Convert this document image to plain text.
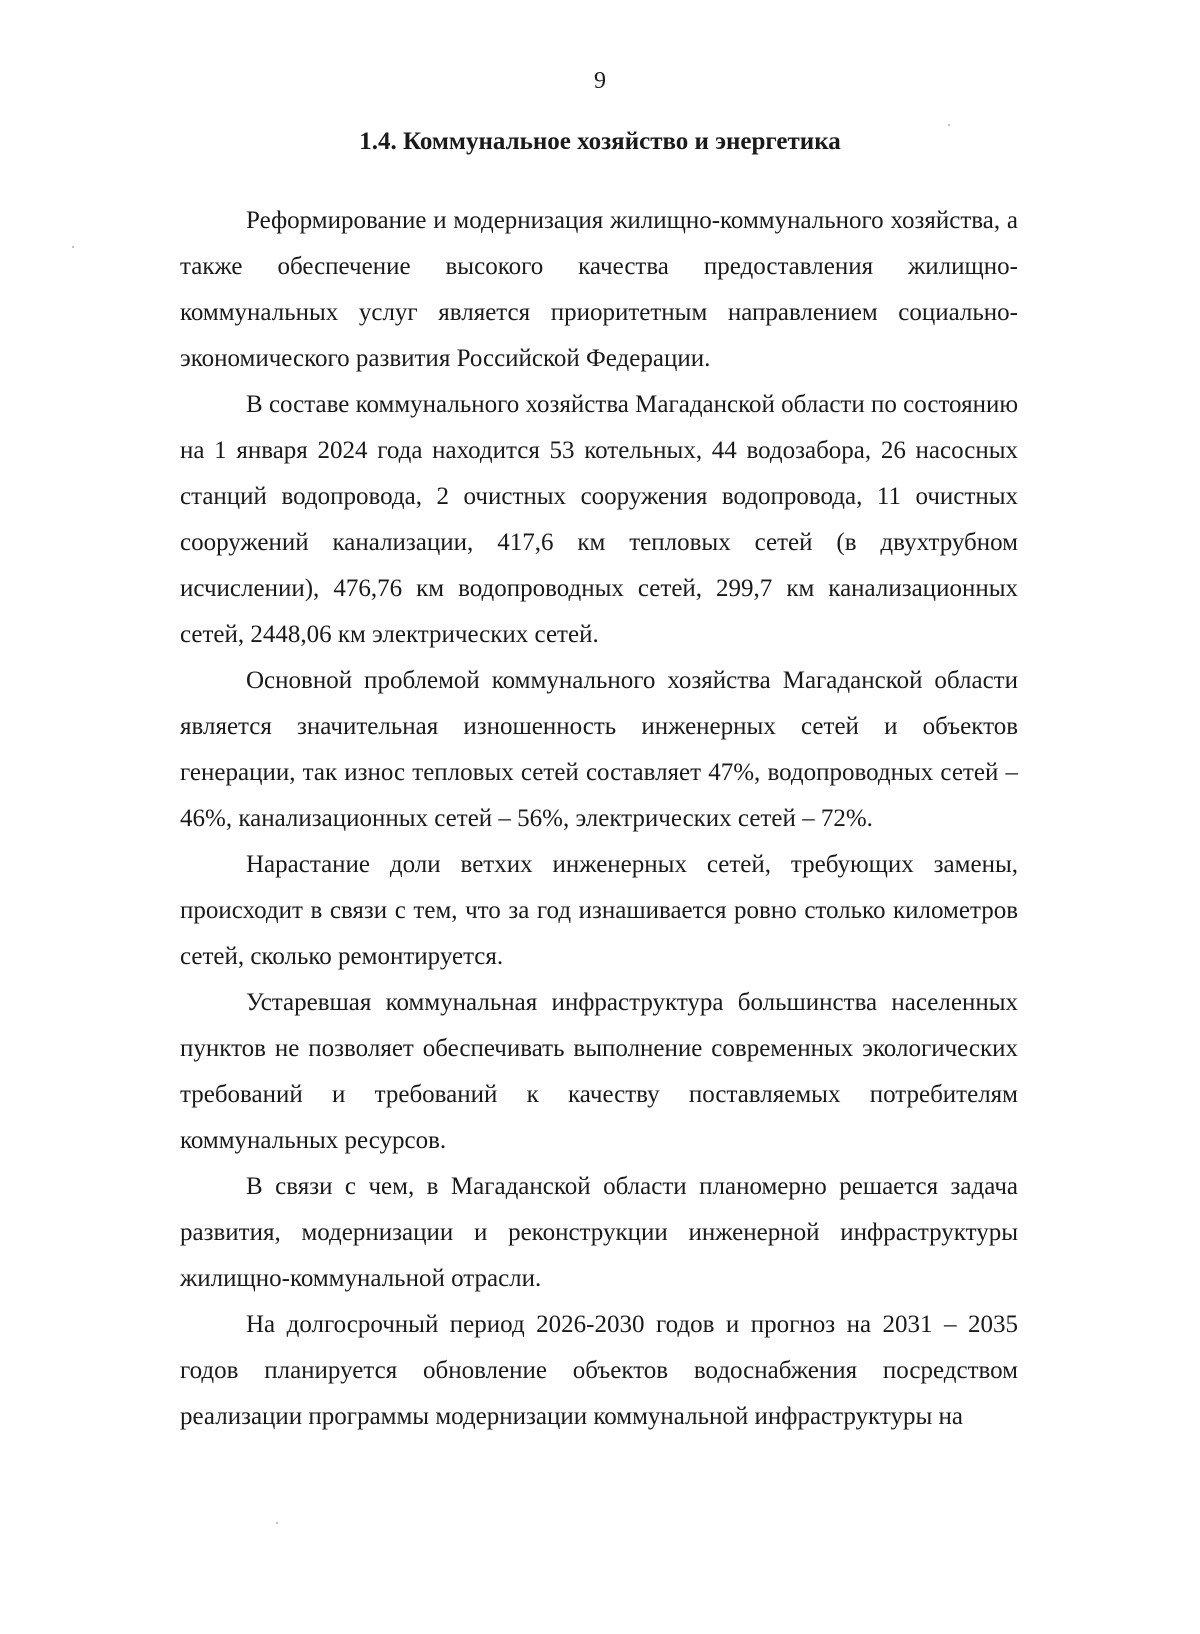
9
1.4. Коммунальное хозяйство и энергетика

Реформирование и модернизация жилищно-коммунального хозяйства, а также обеспечение высокого качества предоставления жилищно-коммунальных услуг является приоритетным направлением социально-экономического развития Российской Федерации.

В составе коммунального хозяйства Магаданской области по состоянию на 1 января 2024 года находится 53 котельных, 44 водозабора, 26 насосных станций водопровода, 2 очистных сооружения водопровода, 11 очистных сооружений канализации, 417,6 км тепловых сетей (в двухтрубном исчислении), 476,76 км водопроводных сетей, 299,7 км канализационных сетей, 2448,06 км электрических сетей.

Основной проблемой коммунального хозяйства Магаданской области является значительная изношенность инженерных сетей и объектов генерации, так износ тепловых сетей составляет 47%, водопроводных сетей – 46%, канализационных сетей – 56%, электрических сетей – 72%.

Нарастание доли ветхих инженерных сетей, требующих замены, происходит в связи с тем, что за год изнашивается ровно столько километров сетей, сколько ремонтируется.

Устаревшая коммунальная инфраструктура большинства населенных пунктов не позволяет обеспечивать выполнение современных экологических требований и требований к качеству поставляемых потребителям коммунальных ресурсов.

В связи с чем, в Магаданской области планомерно решается задача развития, модернизации и реконструкции инженерной инфраструктуры жилищно-коммунальной отрасли.

На долгосрочный период 2026-2030 годов и прогноз на 2031 – 2035 годов планируется обновление объектов водоснабжения посредством реализации программы модернизации коммунальной инфраструктуры на
